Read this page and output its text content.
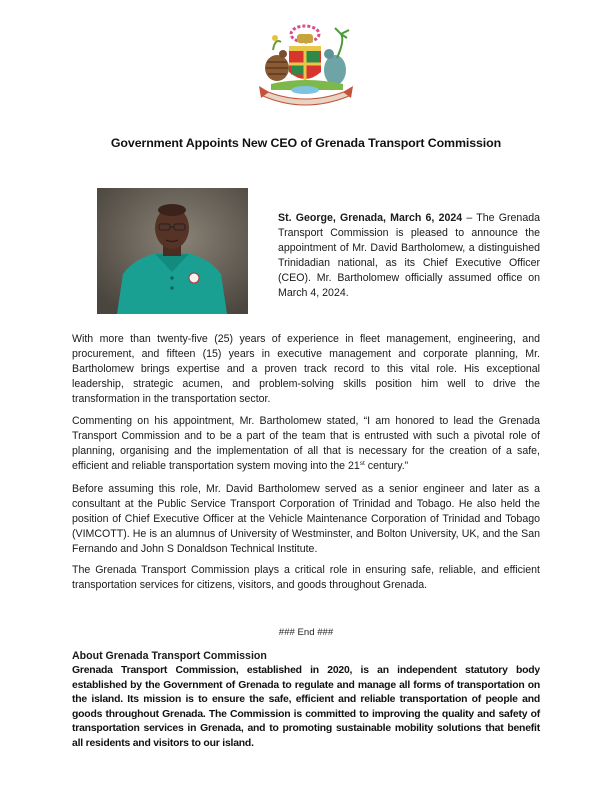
Government Appoints New CEO of Grenada Transport Commission
St. George, Grenada, March 6, 2024 – The Grenada Transport Commission is pleased to announce the appointment of Mr. David Bartholomew, a distinguished Trinidadian national, as its Chief Executive Officer (CEO). Mr. Bartholomew officially assumed office on March 4, 2024.
With more than twenty-five (25) years of experience in fleet management, engineering, and procurement, and fifteen (15) years in executive management and corporate planning, Mr. Bartholomew brings expertise and a proven track record to this vital role. His exceptional leadership, strategic acumen, and problem-solving skills position him well to drive the transformation in the transportation sector.
Commenting on his appointment, Mr. Bartholomew stated, “I am honored to lead the Grenada Transport Commission and to be a part of the team that is entrusted with such a pivotal role of planning, organising and the implementation of all that is necessary for the creation of a safe, efficient and reliable transportation system moving into the 21st century.”
Before assuming this role, Mr. David Bartholomew served as a senior engineer and later as a consultant at the Public Service Transport Corporation of Trinidad and Tobago. He also held the position of Chief Executive Officer at the Vehicle Maintenance Corporation of Trinidad and Tobago (VIMCOTT). He is an alumnus of University of Westminster, and Bolton University, UK, and the San Fernando and John S Donaldson Technical Institute.
The Grenada Transport Commission plays a critical role in ensuring safe, reliable, and efficient transportation services for citizens, visitors, and goods throughout Grenada.
### End ###
About Grenada Transport Commission
Grenada Transport Commission, established in 2020, is an independent statutory body established by the Government of Grenada to regulate and manage all forms of transportation on the island. Its mission is to ensure the safe, efficient and reliable transportation of people and goods throughout Grenada. The Commission is committed to improving the quality and safety of transportation services in Grenada, and to promoting sustainable mobility solutions that benefit all residents and visitors to our island.
